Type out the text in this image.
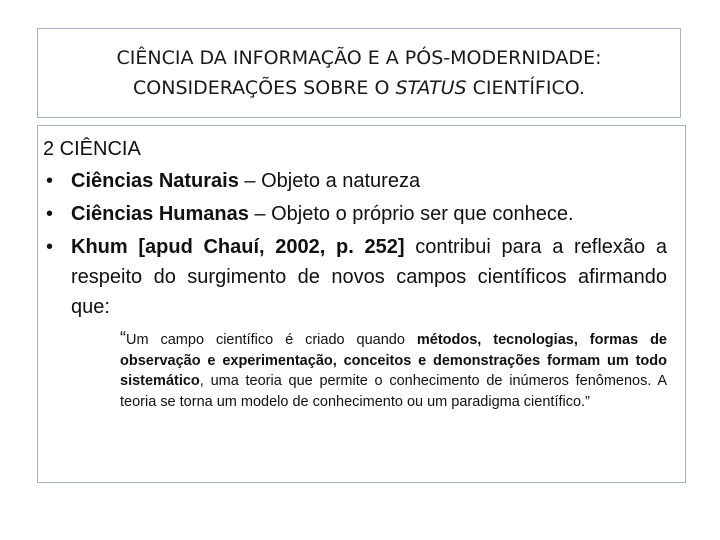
CIÊNCIA DA INFORMAÇÃO E A PÓS-MODERNIDADE:
CONSIDERAÇÕES SOBRE O STATUS CIENTÍFICO.
2 CIÊNCIA
• Ciências Naturais – Objeto a natureza
• Ciências Humanas – Objeto o próprio ser que conhece.
• Khum [apud Chauí, 2002, p. 252] contribui para a reflexão a respeito do surgimento de novos campos científicos afirmando que:
“Um campo científico é criado quando métodos, tecnologias, formas de observação e experimentação, conceitos e demonstrações formam um todo sistemático, uma teoria que permite o conhecimento de inúmeros fenômenos. A teoria se torna um modelo de conhecimento ou um paradigma científico.”
